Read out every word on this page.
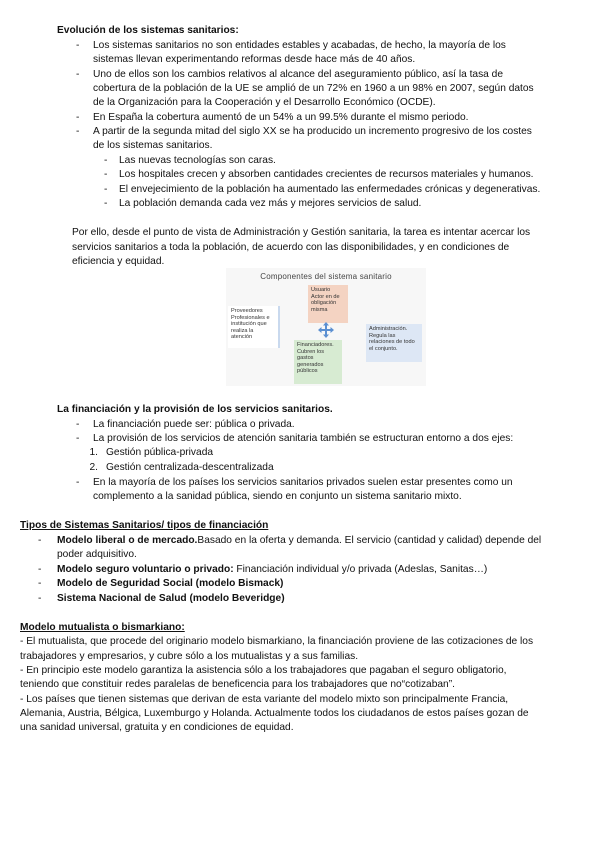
Evolución de los sistemas sanitarios:
-	Los sistemas sanitarios no son entidades estables y acabadas, de hecho, la mayoría de los
sistemas llevan experimentando reformas desde hace más de 40 años.
-	Uno de ellos son los cambios relativos al alcance del aseguramiento público, así la tasa de
cobertura de la población de la UE se amplió de un 72% en 1960 a un 98% en 2007, según datos
de la Organización para la Cooperación y el Desarrollo Económico (OCDE).
-	En España la cobertura aumentó de un 54% a un 99.5% durante el mismo periodo.
-	A partir de la segunda mitad del siglo XX se ha producido un incremento progresivo de los costes
de los sistemas sanitarios.
-	Las nuevas tecnologías son caras.
-	Los hospitales crecen y absorben cantidades crecientes de recursos materiales y humanos.
-	El envejecimiento de la población ha aumentado las enfermedades crónicas y degenerativas.
-	La población demanda cada vez más y mejores servicios de salud.
Por ello, desde el punto de vista de Administración y Gestión sanitaria, la tarea es intentar acercar los
servicios sanitarios a toda la población, de acuerdo con las disponibilidades, y en condiciones de
eficiencia y equidad.
Componentes del sistema sanitario
Usuario
Actor en de
obligación
misma
Proveedores
Profesionales e
institución que
realiza la
atención
Financiadores.
Cubren los
gastos
generados
públicos
Administración.
Regula las
relaciones de todo
el conjunto.
La financiación y la provisión de los servicios sanitarios.
-	La financiación puede ser: pública o privada.
-	La provisión de los servicios de atención sanitaria también se estructuran entorno a dos ejes:
1. Gestión pública-privada
2. Gestión centralizada-descentralizada
-	En la mayoría de los países los servicios sanitarios privados suelen estar presentes como un
complemento a la sanidad pública, siendo en conjunto un sistema sanitario mixto.
Tipos de Sistemas Sanitarios/ tipos de financiación
-	Modelo liberal o de mercado.Basado en la oferta y demanda. El servicio (cantidad y calidad) depende del
poder adquisitivo.
-	Modelo seguro voluntario o privado: Financiación individual y/o privada (Adeslas, Sanitas…)
-	Modelo de Seguridad Social (modelo Bismack)
-	Sistema Nacional de Salud (modelo Beveridge)
Modelo mutualista o bismarkiano:
- El mutualista, que procede del originario modelo bismarkiano, la financiación proviene de las cotizaciones de los
trabajadores y empresarios, y cubre sólo a los mutualistas y a sus familias.
- En principio este modelo garantiza la asistencia sólo a los trabajadores que pagaban el seguro obligatorio,
teniendo que constituir redes paralelas de beneficencia para los trabajadores que no“cotizaban”.
- Los países que tienen sistemas que derivan de esta variante del modelo mixto son principalmente Francia,
Alemania, Austria, Bélgica, Luxemburgo y Holanda. Actualmente todos los ciudadanos de estos países gozan de
una sanidad universal, gratuita y en condiciones de equidad.
